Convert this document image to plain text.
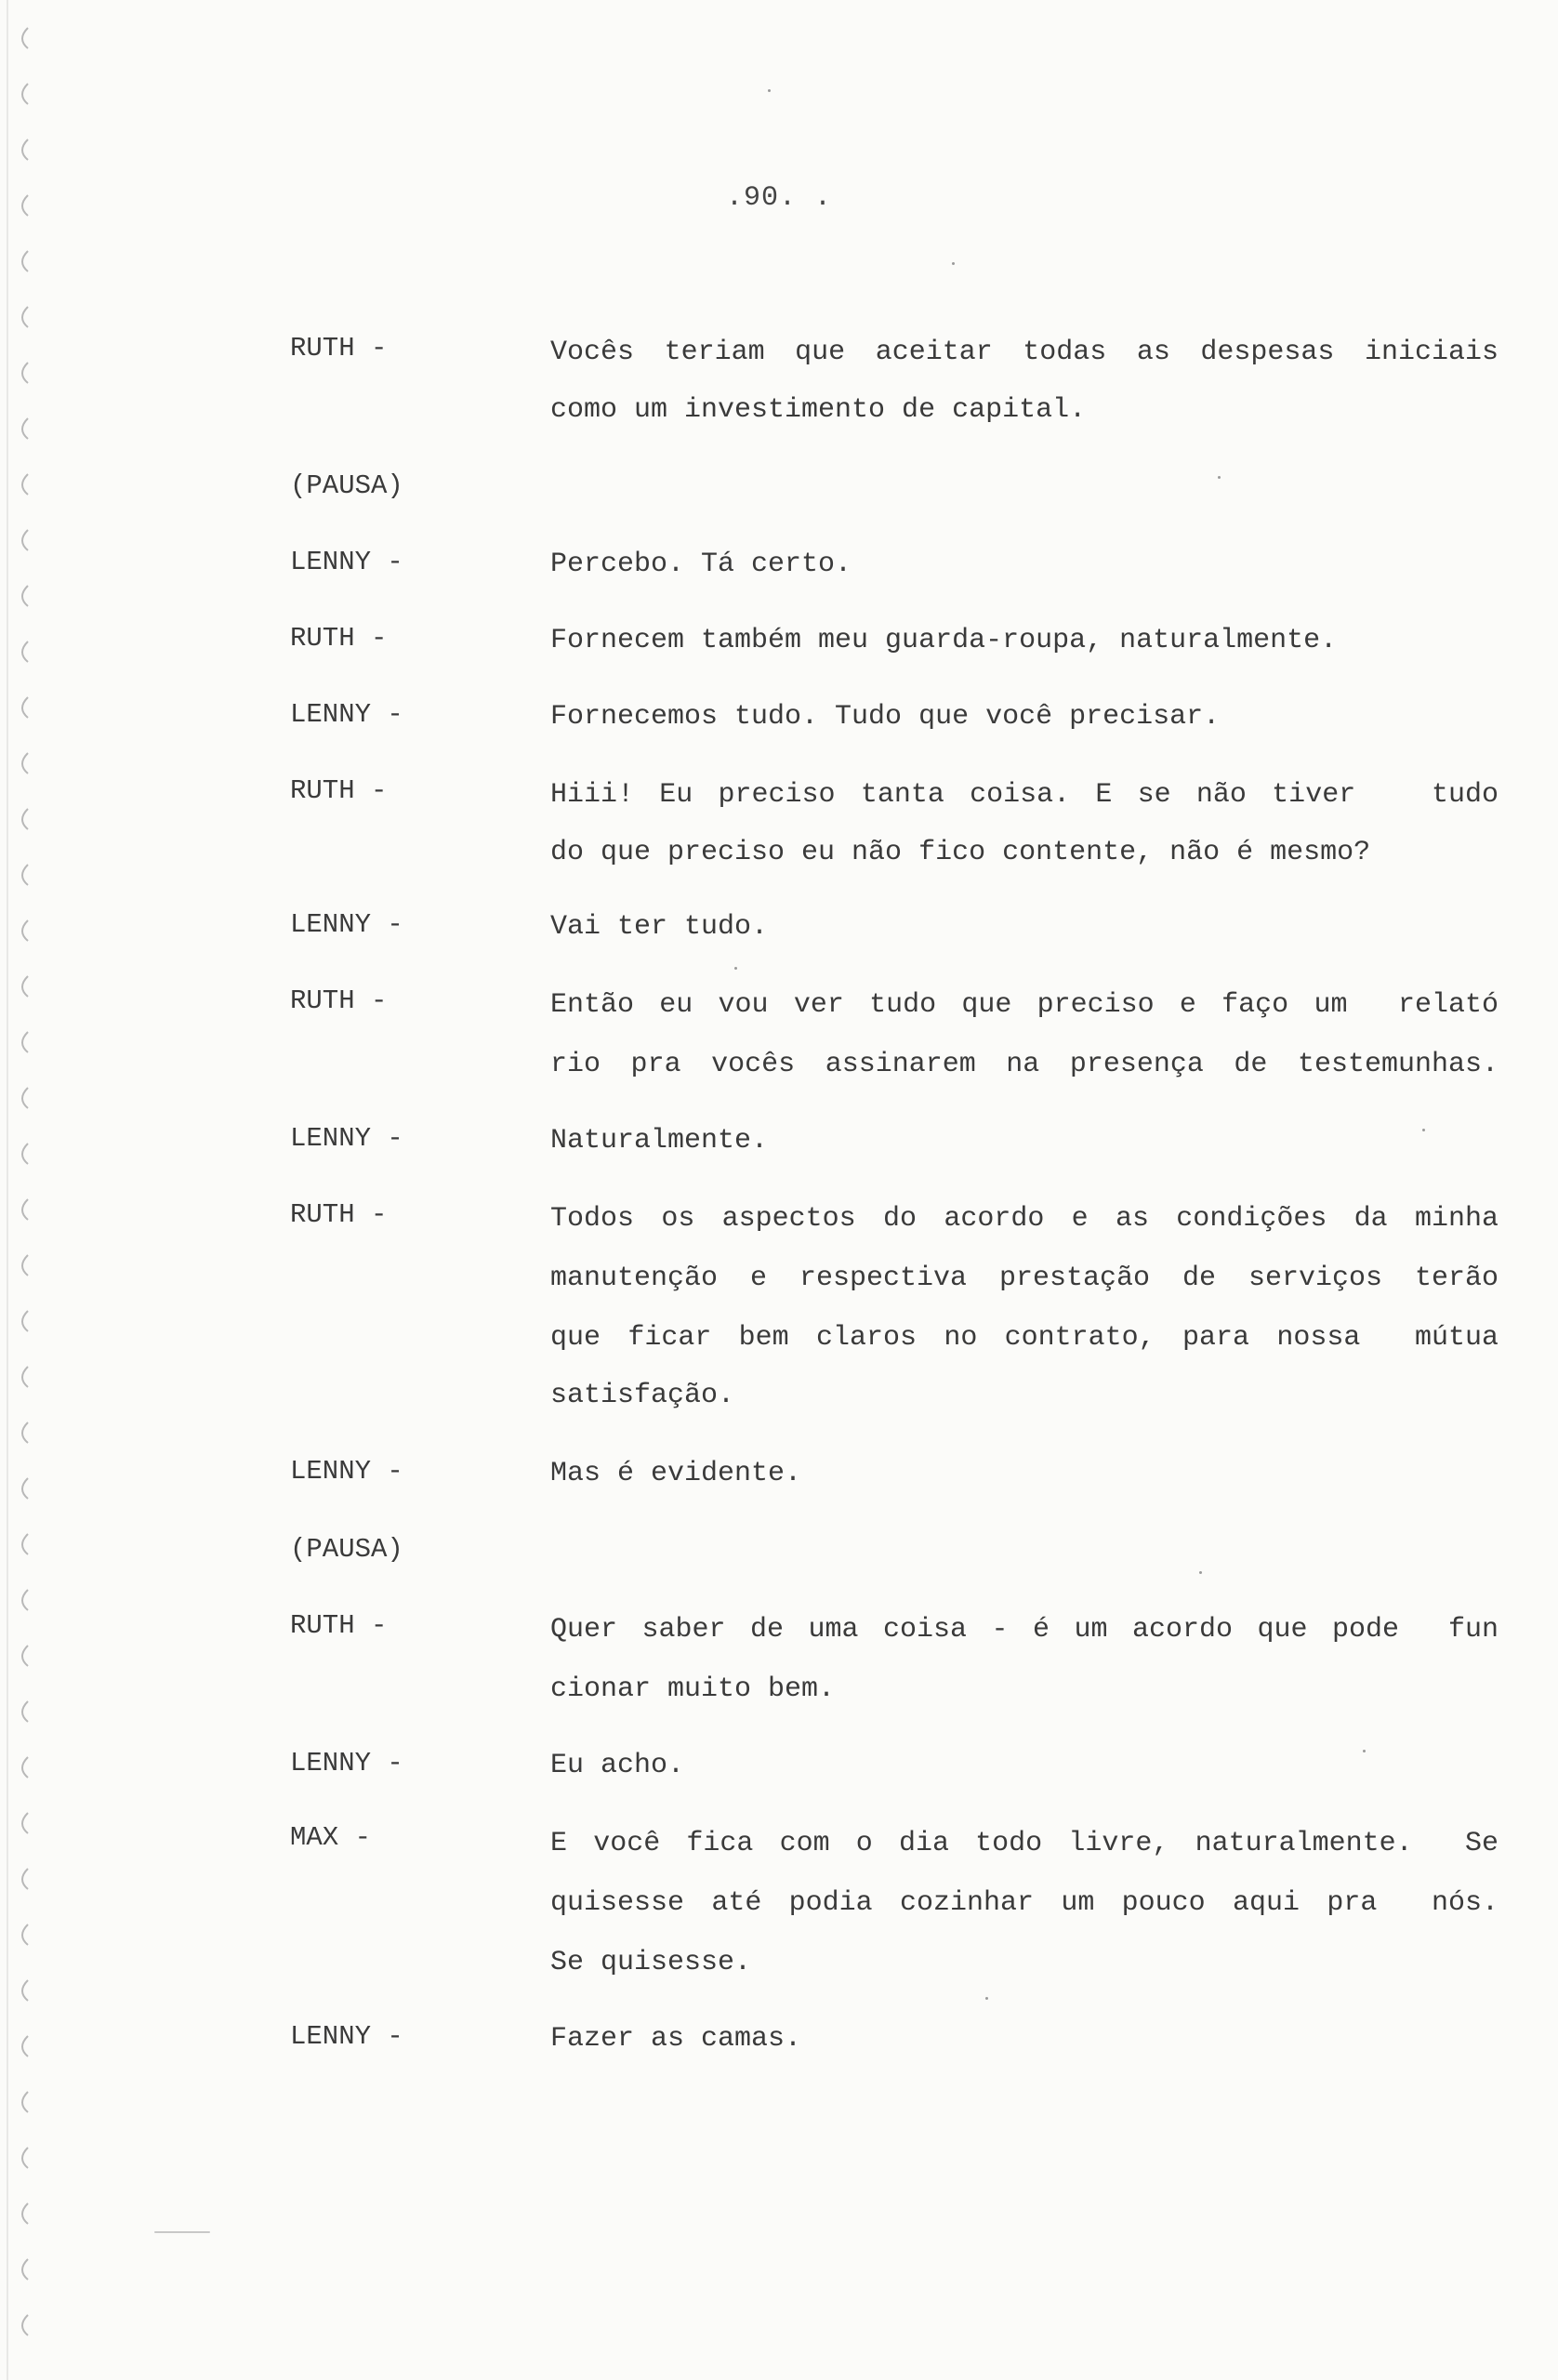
.90. .
RUTH -	Vocês teriam que aceitar todas as despesas iniciais
como um investimento de capital.
(PAUSA)
LENNY -	Percebo. Tá certo.
RUTH -	Fornecem também meu guarda-roupa, naturalmente.
LENNY -	Fornecemos tudo. Tudo que você precisar.
RUTH -	Hiii! Eu preciso tanta coisa. E se não tiver   tudo
do que preciso eu não fico contente, não é mesmo?
LENNY -	Vai ter tudo.
RUTH -	Então eu vou ver tudo que preciso e faço um  relató
rio pra vocês assinarem na presença de testemunhas.
LENNY -	Naturalmente.
RUTH -	Todos os aspectos do acordo e as condições da minha
manutenção e respectiva prestação de serviços terão
que ficar bem claros no contrato, para nossa  mútua
satisfação.
LENNY -	Mas é evidente.
(PAUSA)
RUTH -	Quer saber de uma coisa - é um acordo que pode  fun
cionar muito bem.
LENNY -	Eu acho.
MAX -	E você fica com o dia todo livre, naturalmente.  Se
quisesse até podia cozinhar um pouco aqui pra  nós.
Se quisesse.
LENNY -	Fazer as camas.
